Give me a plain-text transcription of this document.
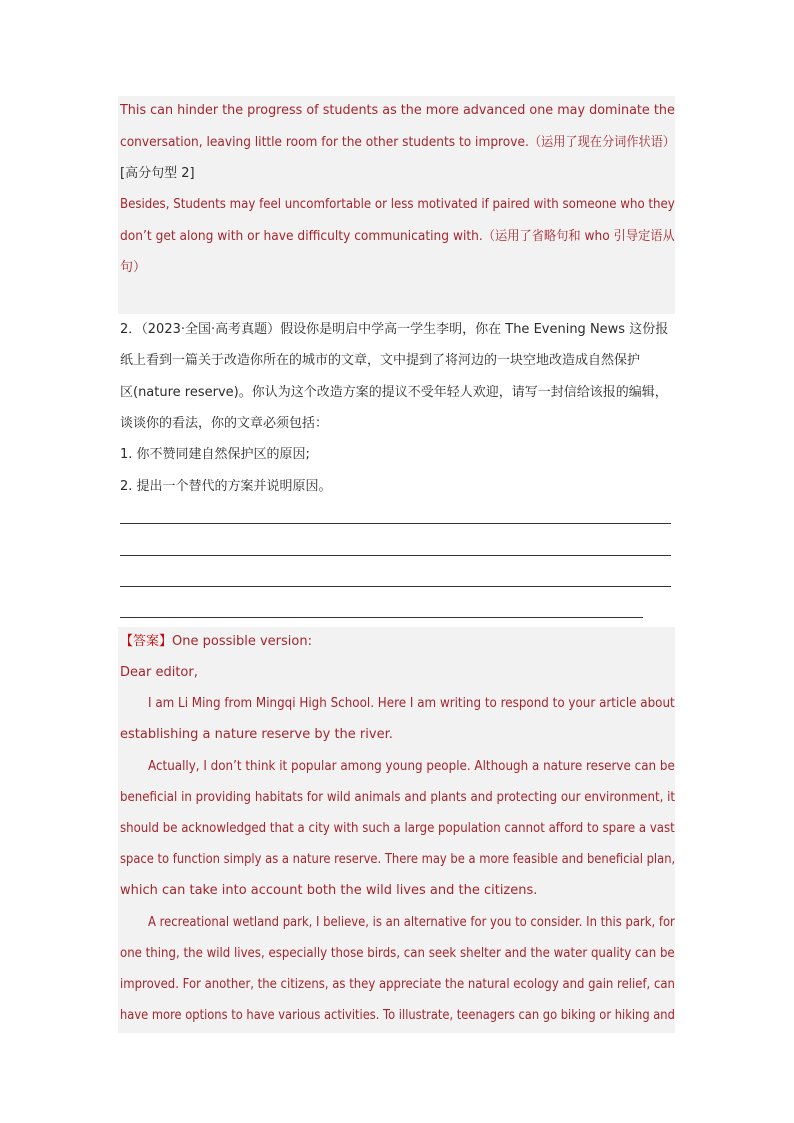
This can hinder the progress of students as the more advanced one may dominate the
conversation, leaving little room for the other students to improve.（运用了现在分词作状语）
[高分句型 2]
Besides, Students may feel uncomfortable or less motivated if paired with someone who they
don’t get along with or have difficulty communicating with.（运用了省略句和 who 引导定语从
句）
2．（2023·全国·高考真题）假设你是明启中学高一学生李明，你在 The Evening News 这份报
纸上看到一篇关于改造你所在的城市的文章，文中提到了将河边的一块空地改造成自然保护
区(nature reserve)。你认为这个改造方案的提议不受年轻人欢迎，请写一封信给该报的编辑，
谈谈你的看法，你的文章必须包括：
1. 你不赞同建自然保护区的原因;
2. 提出一个替代的方案并说明原因。
【答案】One possible version:
Dear editor,
I am Li Ming from Mingqi High School. Here I am writing to respond to your article about
establishing a nature reserve by the river.
Actually, I don’t think it popular among young people. Although a nature reserve can be
beneficial in providing habitats for wild animals and plants and protecting our environment, it
should be acknowledged that a city with such a large population cannot afford to spare a vast
space to function simply as a nature reserve. There may be a more feasible and beneficial plan,
which can take into account both the wild lives and the citizens.
A recreational wetland park, I believe, is an alternative for you to consider. In this park, for
one thing, the wild lives, especially those birds, can seek shelter and the water quality can be
improved. For another, the citizens, as they appreciate the natural ecology and gain relief, can
have more options to have various activities. To illustrate, teenagers can go biking or hiking and
